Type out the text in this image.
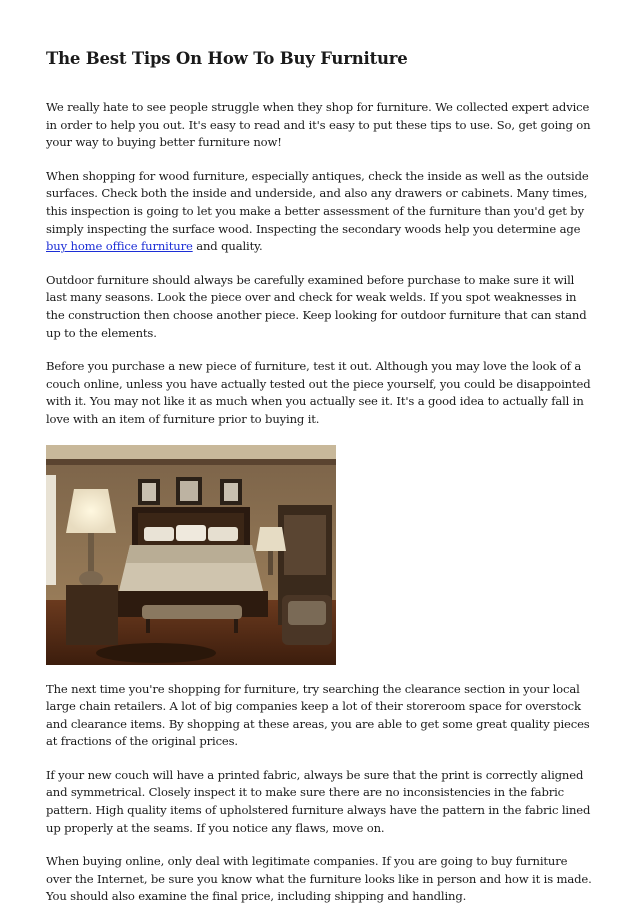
The Best Tips On How To Buy Furniture

We really hate to see people struggle when they shop for furniture. We collected expert advice in order to help you out. It's easy to read and it's easy to put these tips to use. So, get going on your way to buying better furniture now!

When shopping for wood furniture, especially antiques, check the inside as well as the outside surfaces. Check both the inside and underside, and also any drawers or cabinets. Many times, this inspection is going to let you make a better assessment of the furniture than you'd get by simply inspecting the surface wood. Inspecting the secondary woods help you determine age buy home office furniture and quality.

Outdoor furniture should always be carefully examined before purchase to make sure it will last many seasons. Look the piece over and check for weak welds. If you spot weaknesses in the construction then choose another piece. Keep looking for outdoor furniture that can stand up to the elements.

Before you purchase a new piece of furniture, test it out. Although you may love the look of a couch online, unless you have actually tested out the piece yourself, you could be disappointed with it. You may not like it as much when you actually see it. It's a good idea to actually fall in love with an item of furniture prior to buying it.

The next time you're shopping for furniture, try searching the clearance section in your local large chain retailers. A lot of big companies keep a lot of their storeroom space for overstock and clearance items. By shopping at these areas, you are able to get some great quality pieces at fractions of the original prices.

If your new couch will have a printed fabric, always be sure that the print is correctly aligned and symmetrical. Closely inspect it to make sure there are no inconsistencies in the fabric pattern. High quality items of upholstered furniture always have the pattern in the fabric lined up properly at the seams. If you notice any flaws, move on.

When buying online, only deal with legitimate companies. If you are going to buy furniture over the Internet, be sure you know what the furniture looks like in person and how it is made. You should also examine the final price, including shipping and handling.
